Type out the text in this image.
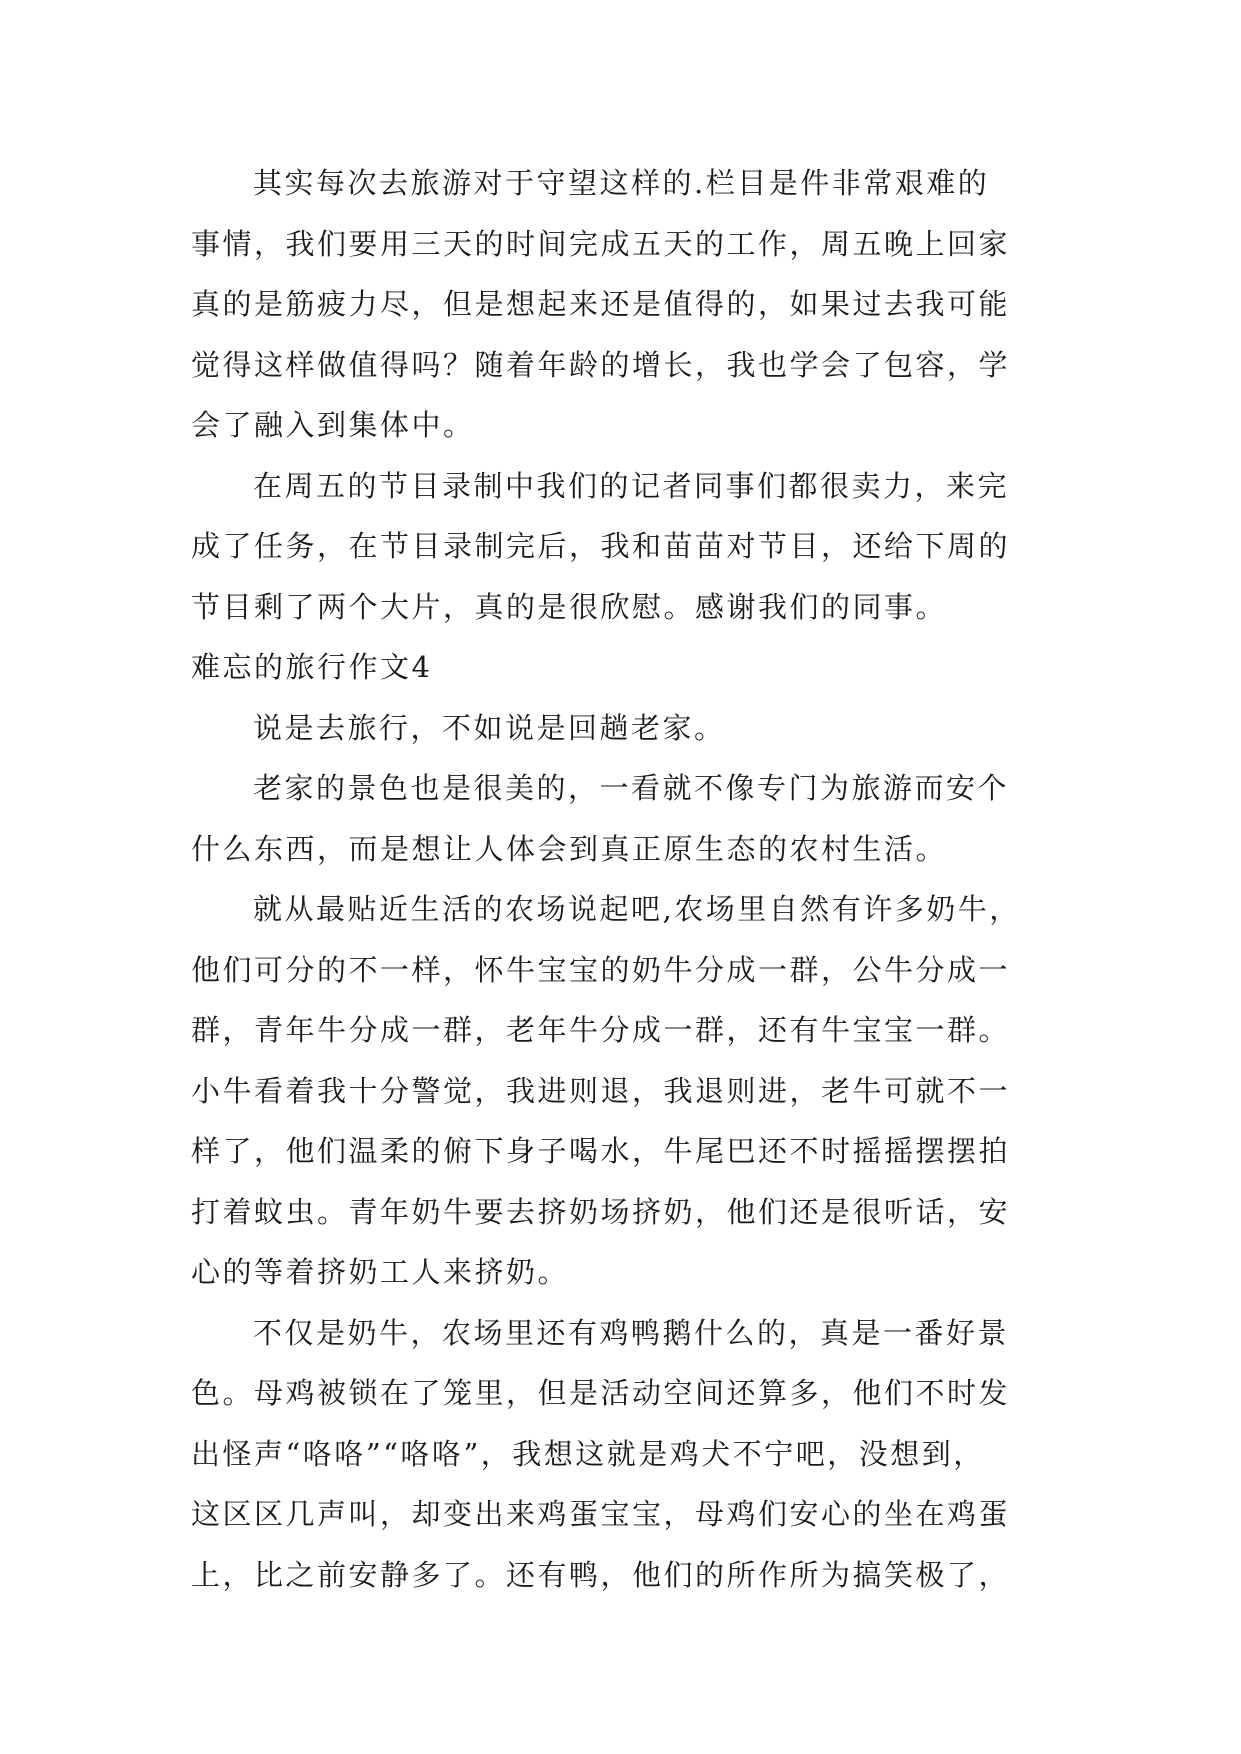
其实每次去旅游对于守望这样的.栏目是件非常艰难的
事情，我们要用三天的时间完成五天的工作，周五晚上回家
真的是筋疲力尽，但是想起来还是值得的，如果过去我可能
觉得这样做值得吗？随着年龄的增长，我也学会了包容，学
会了融入到集体中。
在周五的节目录制中我们的记者同事们都很卖力，来完
成了任务，在节目录制完后，我和苗苗对节目，还给下周的
节目剩了两个大片，真的是很欣慰。感谢我们的同事。
难忘的旅行作文4
说是去旅行，不如说是回趟老家。
老家的景色也是很美的，一看就不像专门为旅游而安个
什么东西，而是想让人体会到真正原生态的农村生活。
就从最贴近生活的农场说起吧,农场里自然有许多奶牛，
他们可分的不一样，怀牛宝宝的奶牛分成一群，公牛分成一
群，青年牛分成一群，老年牛分成一群，还有牛宝宝一群。
小牛看着我十分警觉，我进则退，我退则进，老牛可就不一
样了，他们温柔的俯下身子喝水，牛尾巴还不时摇摇摆摆拍
打着蚊虫。青年奶牛要去挤奶场挤奶，他们还是很听话，安
心的等着挤奶工人来挤奶。
不仅是奶牛，农场里还有鸡鸭鹅什么的，真是一番好景
色。母鸡被锁在了笼里，但是活动空间还算多，他们不时发
出怪声“咯咯”“咯咯”，我想这就是鸡犬不宁吧，没想到，
这区区几声叫，却变出来鸡蛋宝宝，母鸡们安心的坐在鸡蛋
上，比之前安静多了。还有鸭，他们的所作所为搞笑极了，
